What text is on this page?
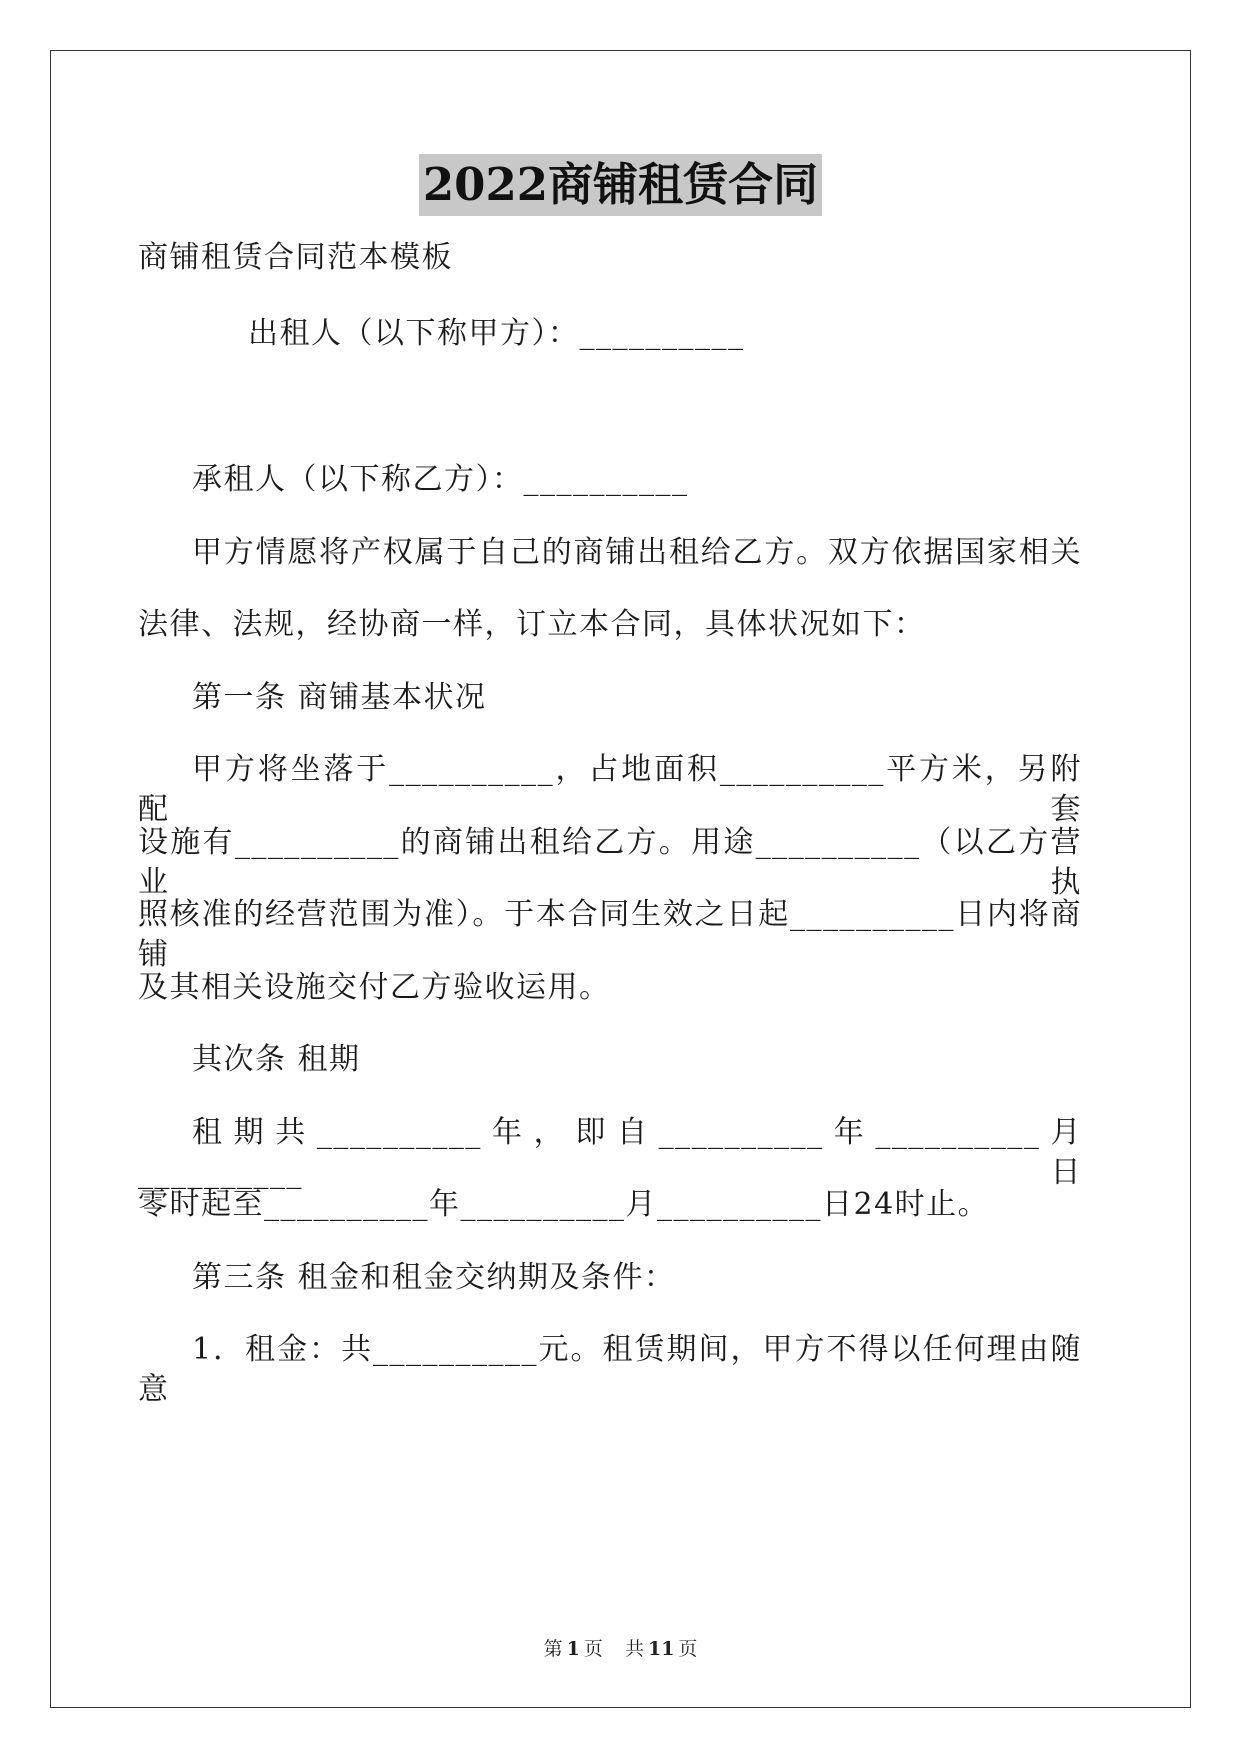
2022商铺租赁合同
商铺租赁合同范本模板
出租人（以下称甲方）：__________
承租人（以下称乙方）：__________
甲方情愿将产权属于自己的商铺出租给乙方。双方依据国家相关
法律、法规，经协商一样，订立本合同，具体状况如下：
第一条 商铺基本状况
甲方将坐落于__________，占地面积__________平方米，另附配套
设施有__________的商铺出租给乙方。用途__________（以乙方营业执
照核准的经营范围为准）。于本合同生效之日起__________日内将商铺
及其相关设施交付乙方验收运用。
其次条 租期
租期共__________年，即自__________年__________月__________日
零时起至__________年__________月__________日24时止。
第三条 租金和租金交纳期及条件：
1．租金：共__________元。租赁期间，甲方不得以任何理由随意
第 1 页 共 11 页
